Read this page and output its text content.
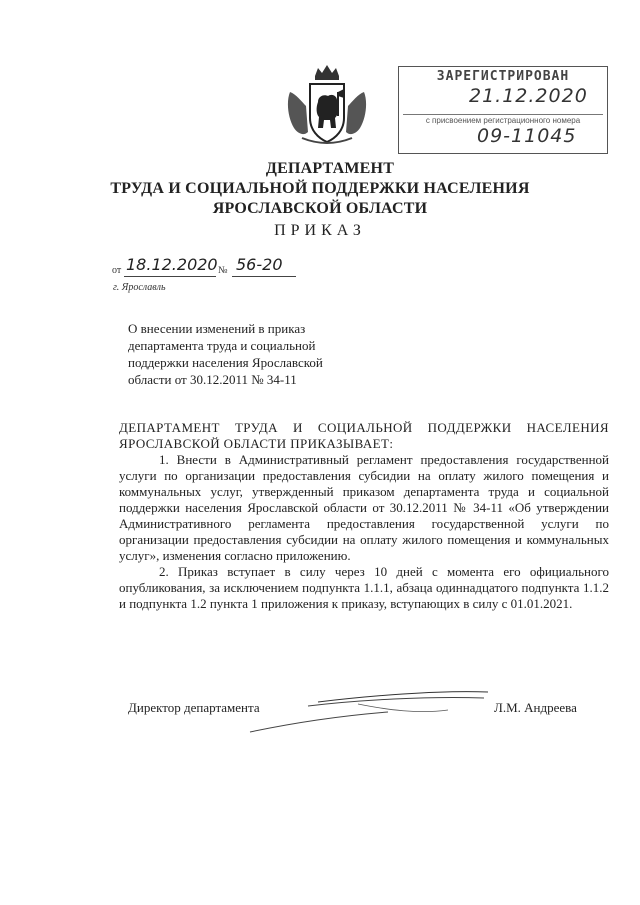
ЗАРЕГИСТРИРОВАН
21.12.2020
с присвоением регистрационного номера
09-11045
ДЕПАРТАМЕНТ
ТРУДА И СОЦИАЛЬНОЙ ПОДДЕРЖКИ НАСЕЛЕНИЯ
ЯРОСЛАВСКОЙ ОБЛАСТИ
ПРИКАЗ
от 18.12.2020 № 56-20
г. Ярославль
О внесении изменений в приказ
департамента труда и социальной
поддержки населения Ярославской
области от 30.12.2011 № 34-11

ДЕПАРТАМЕНТ ТРУДА И СОЦИАЛЬНОЙ ПОДДЕРЖКИ НАСЕЛЕНИЯ ЯРОСЛАВСКОЙ ОБЛАСТИ ПРИКАЗЫВАЕТ:

1. Внести в Административный регламент предоставления государственной услуги по организации предоставления субсидии на оплату жилого помещения и коммунальных услуг, утвержденный приказом департамента труда и социальной поддержки населения Ярославской области от 30.12.2011 № 34-11 «Об утверждении Административного регламента предоставления государственной услуги по организации предоставления субсидии на оплату жилого помещения и коммунальных услуг», изменения согласно приложению.

2. Приказ вступает в силу через 10 дней с момента его официального опубликования, за исключением подпункта 1.1.1, абзаца одиннадцатого подпункта 1.1.2 и подпункта 1.2 пункта 1 приложения к приказу, вступающих в силу с 01.01.2021.

Директор департамента	Л.М. Андреева
